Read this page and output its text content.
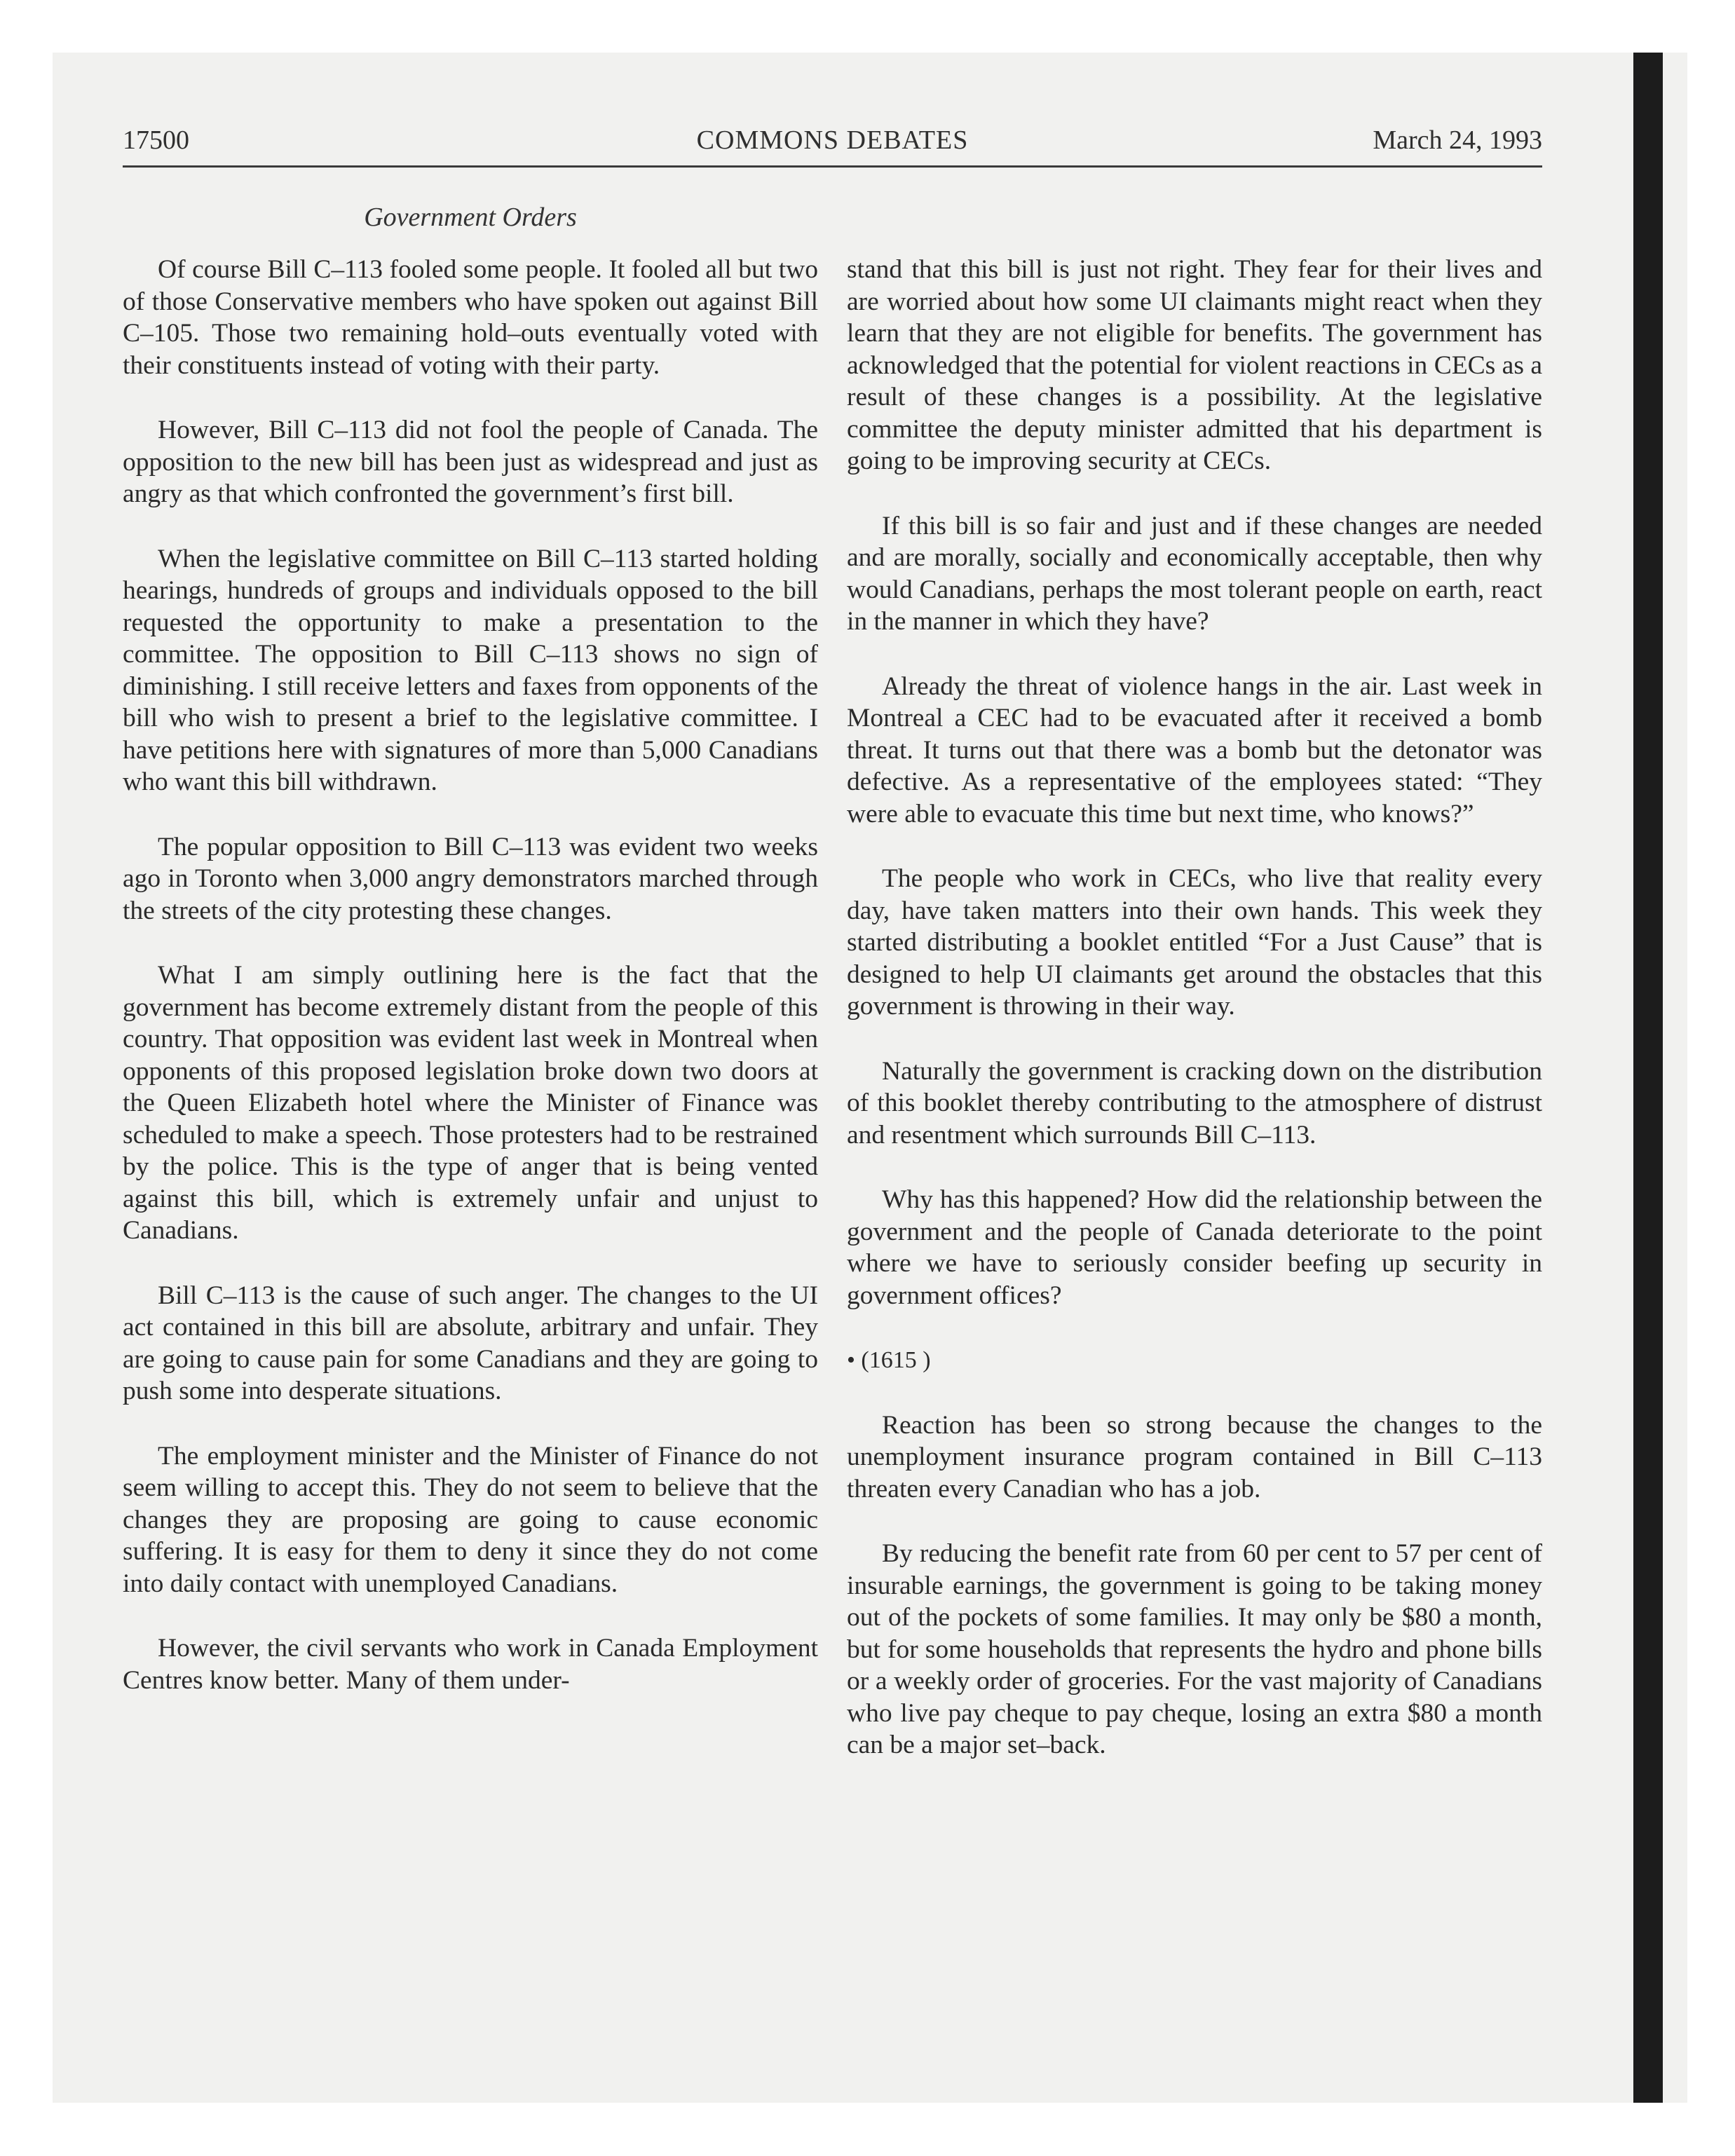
17500	COMMONS DEBATES	March 24, 1993
Government Orders

Of course Bill C–113 fooled some people. It fooled all but two of those Conservative members who have spoken out against Bill C–105. Those two remaining hold–outs eventually voted with their constituents instead of voting with their party.

However, Bill C–113 did not fool the people of Canada. The opposition to the new bill has been just as widespread and just as angry as that which confronted the government’s first bill.

When the legislative committee on Bill C–113 started holding hearings, hundreds of groups and individuals opposed to the bill requested the opportunity to make a presentation to the committee. The opposition to Bill C–113 shows no sign of diminishing. I still receive letters and faxes from opponents of the bill who wish to present a brief to the legislative committee. I have petitions here with signatures of more than 5,000 Canadians who want this bill withdrawn.

The popular opposition to Bill C–113 was evident two weeks ago in Toronto when 3,000 angry demonstrators marched through the streets of the city protesting these changes.

What I am simply outlining here is the fact that the government has become extremely distant from the people of this country. That opposition was evident last week in Montreal when opponents of this proposed legislation broke down two doors at the Queen Elizabeth hotel where the Minister of Finance was scheduled to make a speech. Those protesters had to be restrained by the police. This is the type of anger that is being vented against this bill, which is extremely unfair and unjust to Canadians.

Bill C–113 is the cause of such anger. The changes to the UI act contained in this bill are absolute, arbitrary and unfair. They are going to cause pain for some Canadians and they are going to push some into desperate situations.

The employment minister and the Minister of Finance do not seem willing to accept this. They do not seem to believe that the changes they are proposing are going to cause economic suffering. It is easy for them to deny it since they do not come into daily contact with unemployed Canadians.

However, the civil servants who work in Canada Employment Centres know better. Many of them under-

stand that this bill is just not right. They fear for their lives and are worried about how some UI claimants might react when they learn that they are not eligible for benefits. The government has acknowledged that the potential for violent reactions in CECs as a result of these changes is a possibility. At the legislative committee the deputy minister admitted that his department is going to be improving security at CECs.

If this bill is so fair and just and if these changes are needed and are morally, socially and economically acceptable, then why would Canadians, perhaps the most tolerant people on earth, react in the manner in which they have?

Already the threat of violence hangs in the air. Last week in Montreal a CEC had to be evacuated after it received a bomb threat. It turns out that there was a bomb but the detonator was defective. As a representative of the employees stated: “They were able to evacuate this time but next time, who knows?”

The people who work in CECs, who live that reality every day, have taken matters into their own hands. This week they started distributing a booklet entitled “For a Just Cause” that is designed to help UI claimants get around the obstacles that this government is throwing in their way.

Naturally the government is cracking down on the distribution of this booklet thereby contributing to the atmosphere of distrust and resentment which surrounds Bill C–113.

Why has this happened? How did the relationship between the government and the people of Canada deteriorate to the point where we have to seriously consider beefing up security in government offices?

• (1615 )

Reaction has been so strong because the changes to the unemployment insurance program contained in Bill C–113 threaten every Canadian who has a job.

By reducing the benefit rate from 60 per cent to 57 per cent of insurable earnings, the government is going to be taking money out of the pockets of some families. It may only be $80 a month, but for some households that represents the hydro and phone bills or a weekly order of groceries. For the vast majority of Canadians who live pay cheque to pay cheque, losing an extra $80 a month can be a major set–back.
